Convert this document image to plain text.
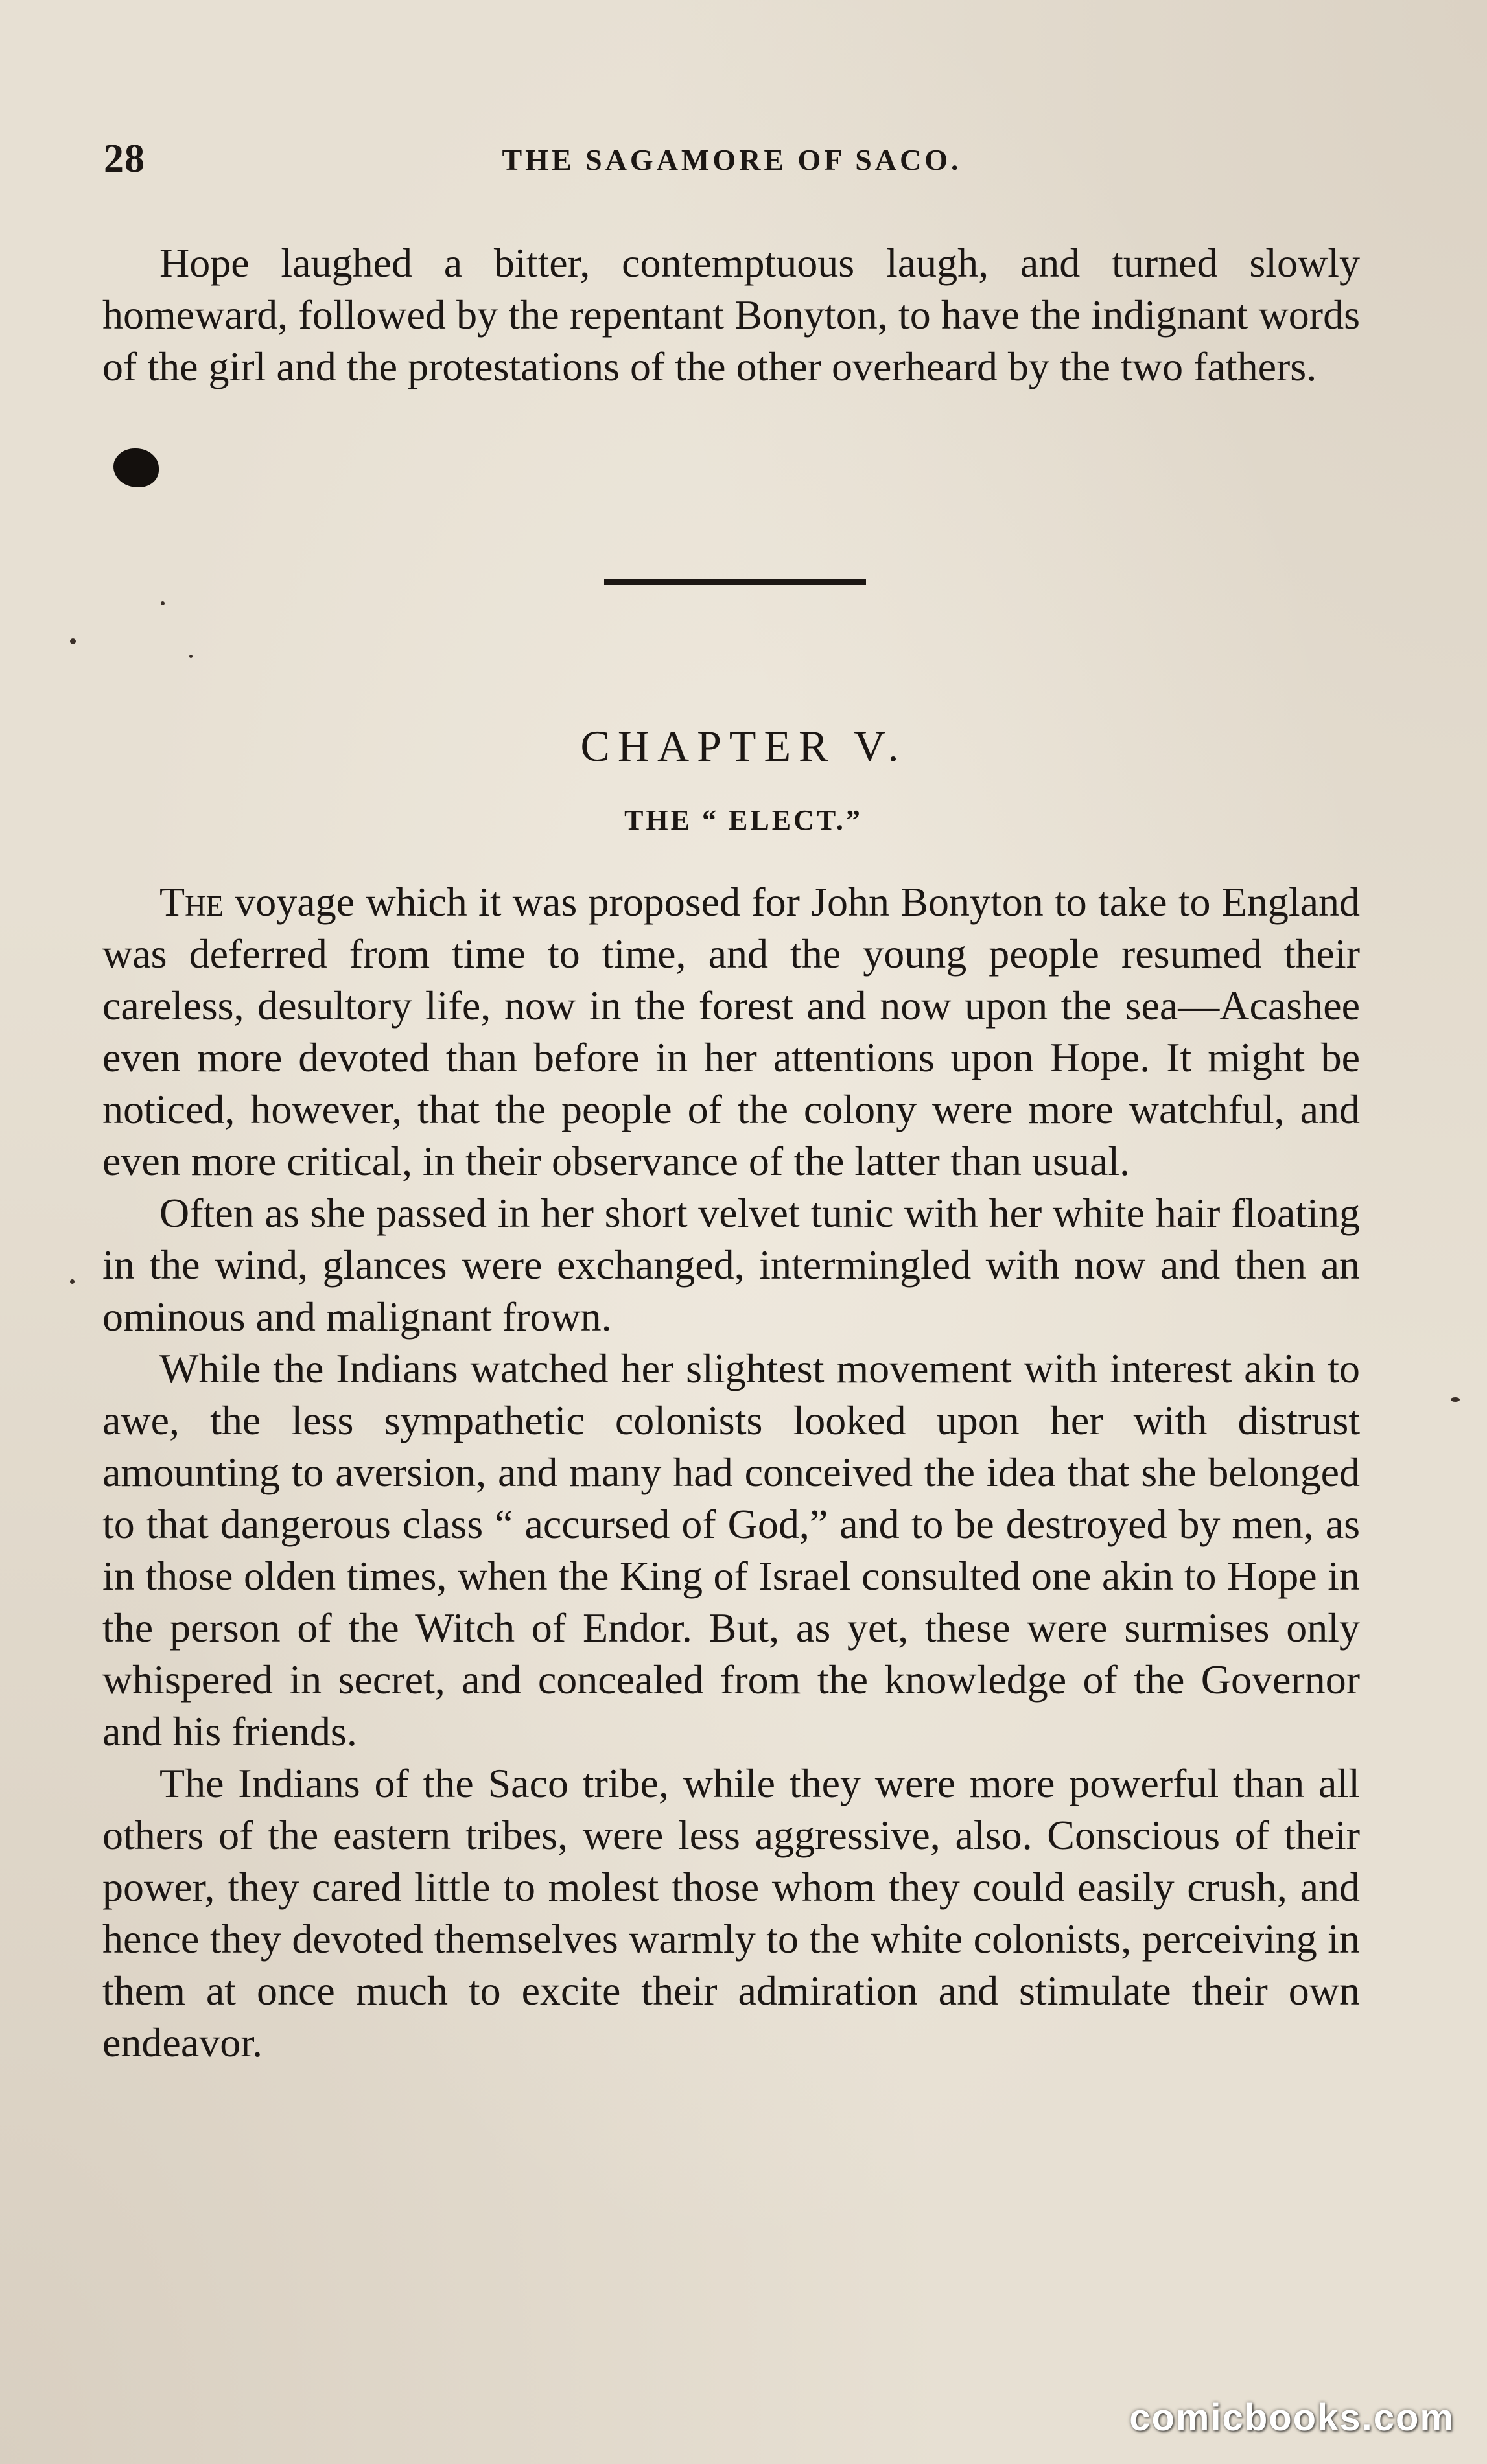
28	THE SAGAMORE OF SACO.

Hope laughed a bitter, contemptuous laugh, and turned slowly homeward, followed by the repentant Bonyton, to have the indignant words of the girl and the protestations of the other overheard by the two fathers.

CHAPTER V.
THE “ ELECT.”

The voyage which it was proposed for John Bonyton to take to England was deferred from time to time, and the young people resumed their careless, desultory life, now in the forest and now upon the sea—Acashee even more devoted than before in her attentions upon Hope. It might be noticed, however, that the people of the colony were more watchful, and even more critical, in their observance of the latter than usual.

Often as she passed in her short velvet tunic with her white hair floating in the wind, glances were exchanged, intermingled with now and then an ominous and malignant frown.

While the Indians watched her slightest movement with interest akin to awe, the less sympathetic colonists looked upon her with distrust amounting to aversion, and many had conceived the idea that she belonged to that dangerous class “ accursed of God,” and to be destroyed by men, as in those olden times, when the King of Israel consulted one akin to Hope in the person of the Witch of Endor. But, as yet, these were surmises only whispered in secret, and concealed from the knowledge of the Governor and his friends.

The Indians of the Saco tribe, while they were more powerful than all others of the eastern tribes, were less aggressive, also. Conscious of their power, they cared little to molest those whom they could easily crush, and hence they devoted themselves warmly to the white colonists, perceiving in them at once much to excite their admiration and stimulate their own endeavor.

comicbooks.com
